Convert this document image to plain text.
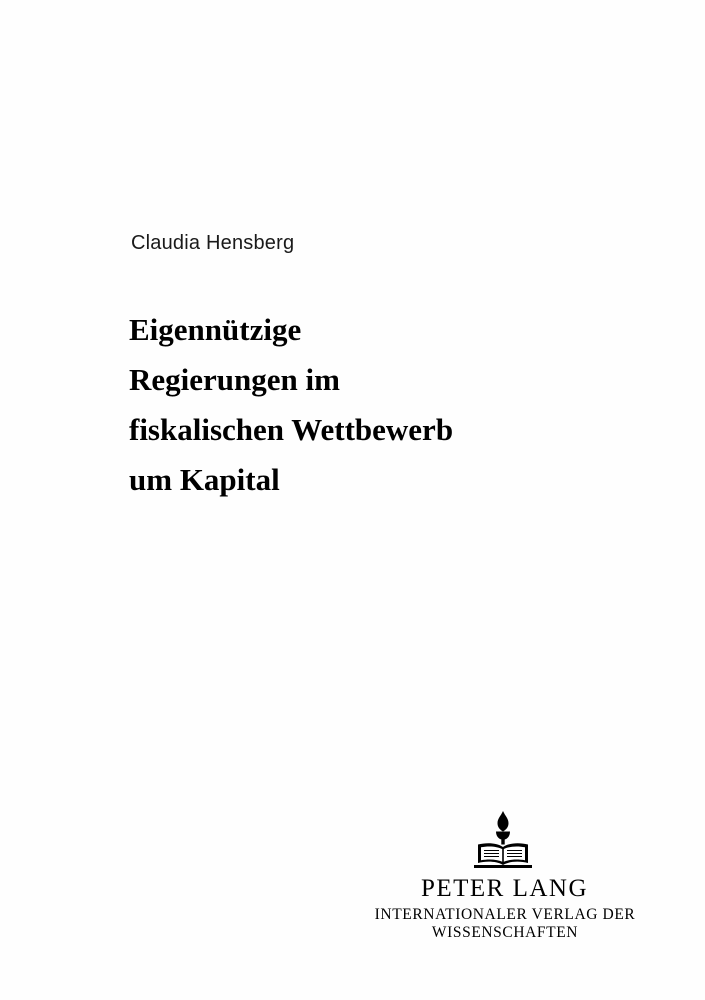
Claudia Hensberg
Eigennützige
Regierungen im
fiskalischen Wettbewerb
um Kapital
PETER LANG
INTERNATIONALER VERLAG DER WISSENSCHAFTEN
